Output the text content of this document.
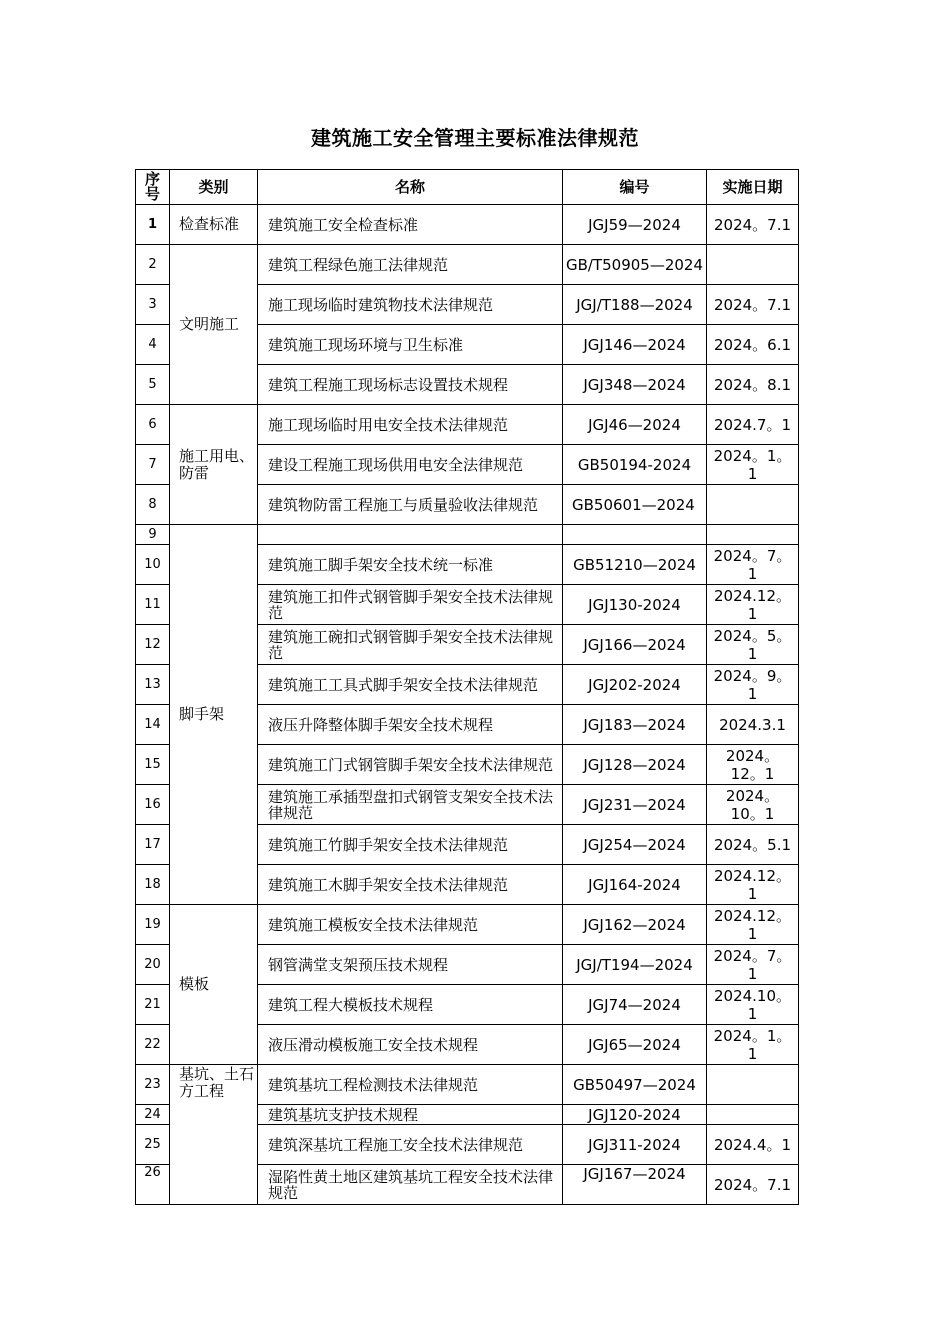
建筑施工安全管理主要标准法律规范
序号	类别	名称	编号	实施日期
1	检查标准	建筑施工安全检查标准	JGJ59—2024	2024。7.1
2	文明施工	建筑工程绿色施工法律规范	GB/T50905—2024	
3		施工现场临时建筑物技术法律规范	JGJ/T188—2024	2024。7.1
4		建筑施工现场环境与卫生标准	JGJ146—2024	2024。6.1
5		建筑工程施工现场标志设置技术规程	JGJ348—2024	2024。8.1
6	施工用电、防雷	施工现场临时用电安全技术法律规范	JGJ46—2024	2024.7。1
7		建设工程施工现场供用电安全法律规范	GB50194-2024	2024。1。1
8		建筑物防雷工程施工与质量验收法律规范	GB50601—2024	
9	脚手架			
10		建筑施工脚手架安全技术统一标准	GB51210—2024	2024。7。1
11		建筑施工扣件式钢管脚手架安全技术法律规范	JGJ130-2024	2024.12。1
12		建筑施工碗扣式钢管脚手架安全技术法律规范	JGJ166—2024	2024。5。1
13		建筑施工工具式脚手架安全技术法律规范	JGJ202-2024	2024。9。1
14		液压升降整体脚手架安全技术规程	JGJ183—2024	2024.3.1
15		建筑施工门式钢管脚手架安全技术法律规范	JGJ128—2024	2024。12。1
16		建筑施工承插型盘扣式钢管支架安全技术法律规范	JGJ231—2024	2024。10。1
17		建筑施工竹脚手架安全技术法律规范	JGJ254—2024	2024。5.1
18		建筑施工木脚手架安全技术法律规范	JGJ164-2024	2024.12。1
19	模板	建筑施工模板安全技术法律规范	JGJ162—2024	2024.12。1
20		钢管满堂支架预压技术规程	JGJ/T194—2024	2024。7。1
21		建筑工程大模板技术规程	JGJ74—2024	2024.10。1
22		液压滑动模板施工安全技术规程	JGJ65—2024	2024。1。1
23	基坑、土石方工程	建筑基坑工程检测技术法律规范	GB50497—2024	
24		建筑基坑支护技术规程	JGJ120-2024	
25		建筑深基坑工程施工安全技术法律规范	JGJ311-2024	2024.4。1
26		湿陷性黄土地区建筑基坑工程安全技术法律规范	JGJ167—2024	2024。7.1
